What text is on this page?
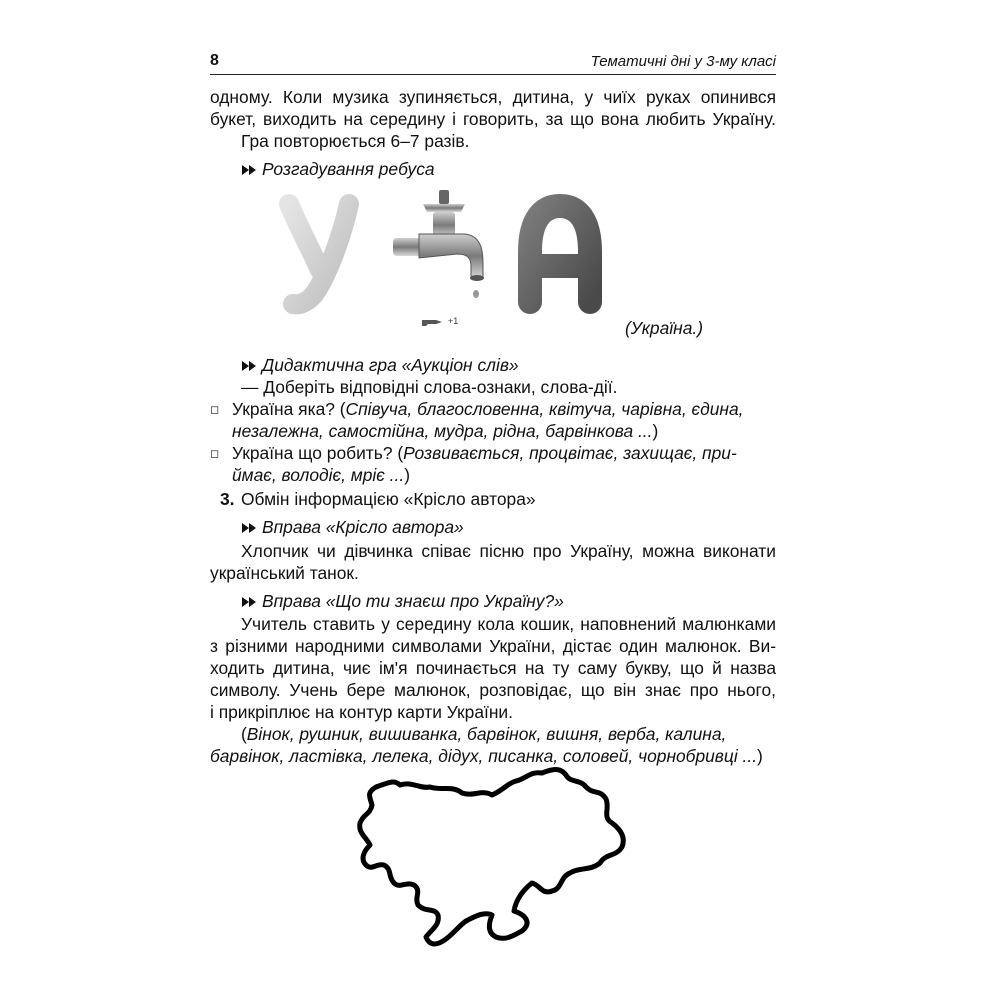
8	Тематичні дні у 3-му класі
одному. Коли музика зупиняється, дитина, у чиїх руках опинився
букет, виходить на середину і говорить, за що вона любить Україну.
Гра повторюється 6–7 разів.
Розгадування ребуса
У	А
+1	(Україна.)
Дидактична гра «Аукціон слів»
— Доберіть відповідні слова-ознаки, слова-дії.
◻ Україна яка? (Співуча, благословенна, квітуча, чарівна, єдина,
незалежна, самостійна, мудра, рідна, барвінкова ...)
◻ Україна що робить? (Розвивається, процвітає, захищає, при-
ймає, володіє, мріє ...)
3. Обмін інформацією «Крісло автора»
Вправа «Крісло автора»
Хлопчик чи дівчинка співає пісню про Україну, можна виконати
український танок.
Вправа «Що ти знаєш про Україну?»
Учитель ставить у середину кола кошик, наповнений малюнками
з різними народними символами України, дістає один малюнок. Ви-
ходить дитина, чиє ім'я починається на ту саму букву, що й назва
символу. Учень бере малюнок, розповідає, що він знає про нього,
і прикріплює на контур карти України.
(Вінок, рушник, вишиванка, барвінок, вишня, верба, калина,
барвінок, ластівка, лелека, дідух, писанка, соловей, чорнобривці ...)
